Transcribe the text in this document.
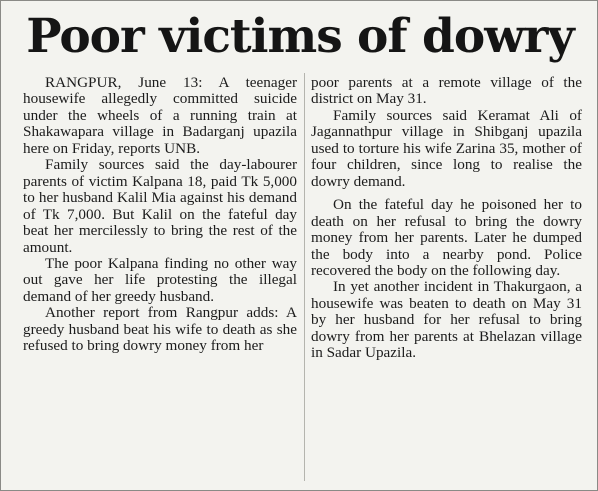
Poor victims of dowry

RANGPUR, June 13: A teenager housewife allegedly committed suicide under the wheels of a running train at Shakawapara village in Badarganj upazila here on Friday, reports UNB.

Family sources said the day-labourer parents of victim Kalpana 18, paid Tk 5,000 to her husband Kalil Mia against his demand of Tk 7,000. But Kalil on the fateful day beat her mercilessly to bring the rest of the amount.

The poor Kalpana finding no other way out gave her life protesting the illegal demand of her greedy husband.

Another report from Rangpur adds: A greedy husband beat his wife to death as she refused to bring dowry money from her

poor parents at a remote village of the district on May 31.

Family sources said Keramat Ali of Jagannathpur village in Shibganj upazila used to torture his wife Zarina 35, mother of four children, since long to realise the dowry demand.

On the fateful day he poisoned her to death on her refusal to bring the dowry money from her parents. Later he dumped the body into a nearby pond. Police recovered the body on the following day.

In yet another incident in Thakurgaon, a housewife was beaten to death on May 31 by her husband for her refusal to bring dowry from her parents at Bhelazan village in Sadar Upazila.
